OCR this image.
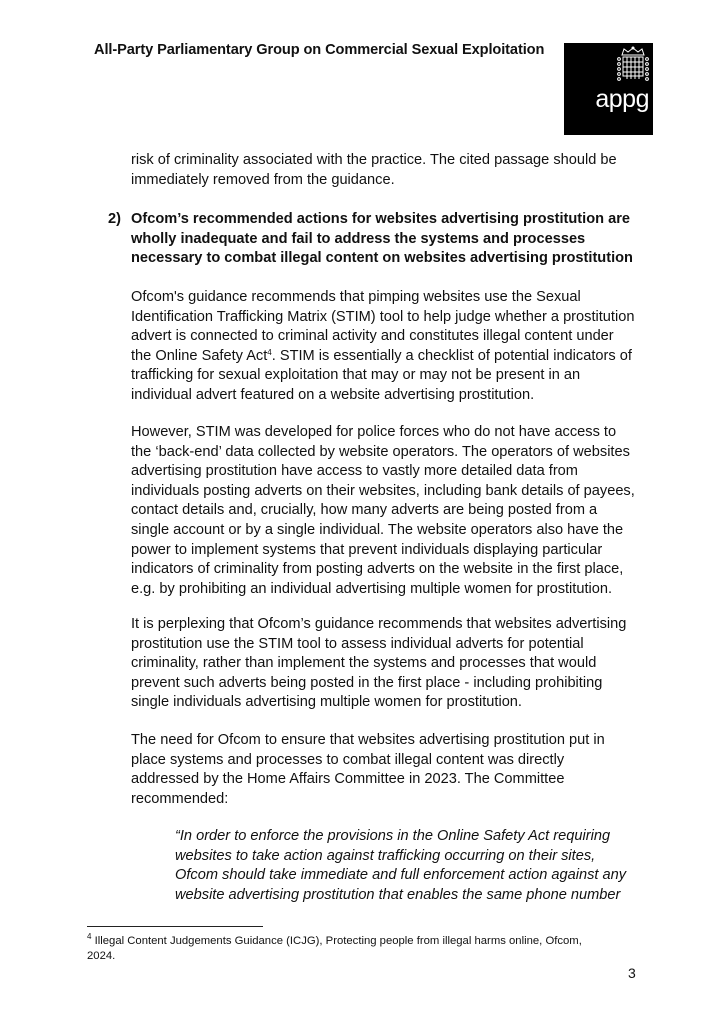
All-Party Parliamentary Group on Commercial Sexual Exploitation
appg
risk of criminality associated with the practice. The cited passage should be
immediately removed from the guidance.
2) Ofcom’s recommended actions for websites advertising prostitution are
wholly inadequate and fail to address the systems and processes
necessary to combat illegal content on websites advertising prostitution
Ofcom's guidance recommends that pimping websites use the Sexual
Identification Trafficking Matrix (STIM) tool to help judge whether a prostitution
advert is connected to criminal activity and constitutes illegal content under
the Online Safety Act$^4$. STIM is essentially a checklist of potential indicators of
trafficking for sexual exploitation that may or may not be present in an
individual advert featured on a website advertising prostitution.
However, STIM was developed for police forces who do not have access to
the ‘back-end’ data collected by website operators. The operators of websites
advertising prostitution have access to vastly more detailed data from
individuals posting adverts on their websites, including bank details of payees,
contact details and, crucially, how many adverts are being posted from a
single account or by a single individual. The website operators also have the
power to implement systems that prevent individuals displaying particular
indicators of criminality from posting adverts on the website in the first place,
e.g. by prohibiting an individual advertising multiple women for prostitution.
It is perplexing that Ofcom’s guidance recommends that websites advertising
prostitution use the STIM tool to assess individual adverts for potential
criminality, rather than implement the systems and processes that would
prevent such adverts being posted in the first place - including prohibiting
single individuals advertising multiple women for prostitution.
The need for Ofcom to ensure that websites advertising prostitution put in
place systems and processes to combat illegal content was directly
addressed by the Home Affairs Committee in 2023. The Committee
recommended:
“In order to enforce the provisions in the Online Safety Act requiring
websites to take action against trafficking occurring on their sites,
Ofcom should take immediate and full enforcement action against any
website advertising prostitution that enables the same phone number
$^4$ Illegal Content Judgements Guidance (ICJG), Protecting people from illegal harms online, Ofcom,
2024.
3
